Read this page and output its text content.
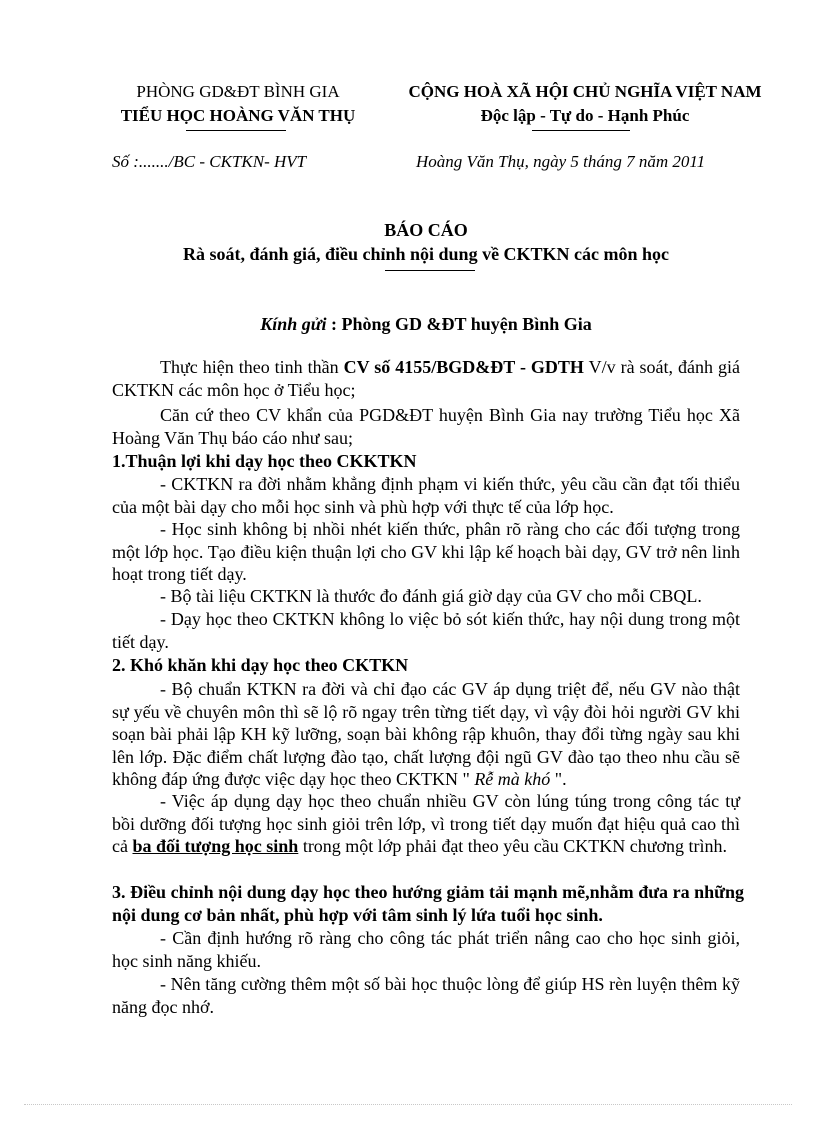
PHÒNG GD&ĐT BÌNH GIA
TIỂU HỌC HOÀNG VĂN THỤ
CỘNG HOÀ XÃ HỘI CHỦ NGHĨA VIỆT NAM
Độc lập - Tự do - Hạnh Phúc
Số :......./BC - CKTKN- HVT	Hoàng Văn Thụ, ngày 5 tháng 7 năm 2011
BÁO CÁO
Rà soát, đánh giá, điều chỉnh nội dung về CKTKN các môn học
Kính gửi : Phòng GD &ĐT huyện Bình Gia
Thực hiện theo tinh thần CV số 4155/BGD&ĐT - GDTH V/v rà soát, đánh giá CKTKN các môn học ở Tiểu học;
Căn cứ theo CV khẩn của PGD&ĐT huyện Bình Gia nay trường Tiểu học Xã Hoàng Văn Thụ báo cáo như sau;
1.Thuận lợi khi dạy học theo CKKTKN
- CKTKN ra đời nhằm khẳng định phạm vi kiến thức, yêu cầu cần đạt tối thiểu của một bài dạy cho mỗi học sinh và phù hợp với thực tế của lớp học.
- Học sinh không bị nhồi nhét kiến thức, phân rõ ràng cho các đối tượng trong một lớp học. Tạo điều kiện thuận lợi cho GV khi lập kế hoạch bài dạy, GV trở nên linh hoạt trong tiết dạy.
- Bộ tài liệu CKTKN là thước đo đánh giá giờ dạy của GV cho mỗi CBQL.
- Dạy học theo CKTKN không lo việc bỏ sót kiến thức, hay nội dung trong một tiết dạy.
2. Khó khăn khi dạy học theo CKTKN
- Bộ chuẩn KTKN ra đời và chỉ đạo các GV áp dụng triệt để, nếu GV nào thật sự yếu về chuyên môn thì sẽ lộ rõ ngay trên từng tiết dạy, vì vậy đòi hỏi người GV khi soạn bài phải lập KH kỹ lưỡng, soạn bài không rập khuôn, thay đổi từng ngày sau khi lên lớp. Đặc điểm chất lượng đào tạo, chất lượng đội ngũ GV đào tạo theo nhu cầu sẽ không đáp ứng được việc dạy học theo CKTKN " Rễ mà khó ".
- Việc áp dụng dạy học theo chuẩn nhiều GV còn lúng túng trong công tác tự bồi dưỡng đối tượng học sinh giỏi trên lớp, vì trong tiết dạy muốn đạt hiệu quả cao thì cả ba đối tượng học sinh trong một lớp phải đạt theo yêu cầu CKTKN chương trình.
3. Điều chỉnh nội dung dạy học theo hướng giảm tải mạnh mẽ,nhằm đưa ra những nội dung cơ bản nhất, phù hợp với tâm sinh lý lứa tuổi học sinh.
- Cần định hướng rõ ràng cho công tác phát triển nâng cao cho học sinh giỏi, học sinh năng khiếu.
- Nên tăng cường thêm một số bài học thuộc lòng để giúp HS rèn luyện thêm kỹ năng đọc nhớ.
